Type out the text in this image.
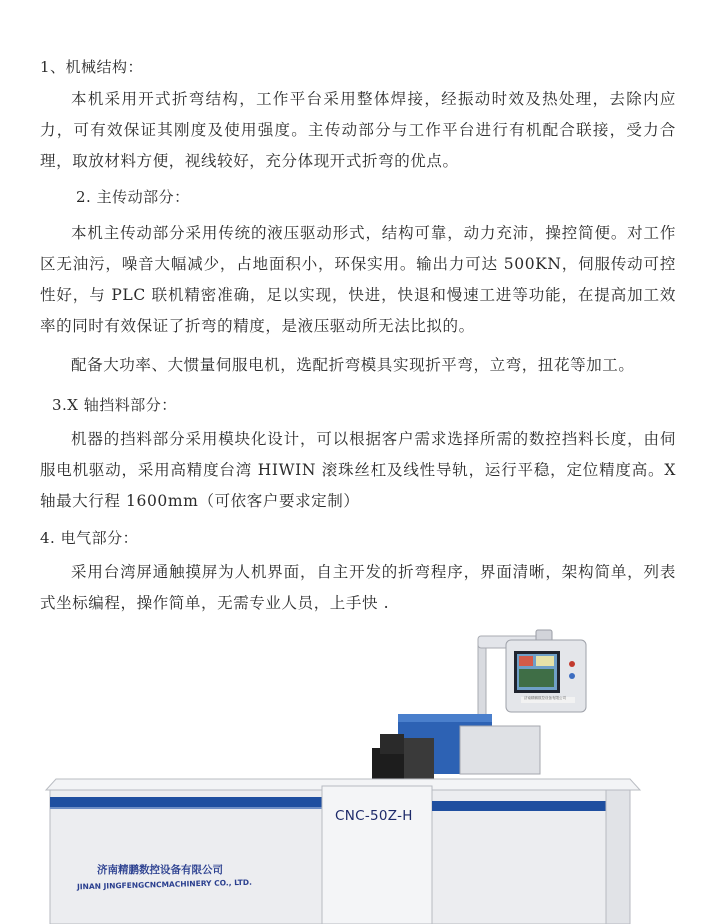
1、机械结构：

本机采用开式折弯结构，工作平台采用整体焊接，经振动时效及热处理，去除内应力，可有效保证其刚度及使用强度。主传动部分与工作平台进行有机配合联接，受力合理，取放材料方便，视线较好，充分体现开式折弯的优点。

2. 主传动部分：

本机主传动部分采用传统的液压驱动形式，结构可靠，动力充沛，操控简便。对工作区无油污，噪音大幅减少，占地面积小，环保实用。输出力可达 500KN，伺服传动可控性好，与 PLC 联机精密准确，足以实现，快进，快退和慢速工进等功能，在提高加工效率的同时有效保证了折弯的精度，是液压驱动所无法比拟的。

配备大功率、大惯量伺服电机，选配折弯模具实现折平弯，立弯，扭花等加工。

3.X 轴挡料部分：

机器的挡料部分采用模块化设计，可以根据客户需求选择所需的数控挡料长度，由伺服电机驱动，采用高精度台湾 HIWIN 滚珠丝杠及线性导轨，运行平稳，定位精度高。X 轴最大行程 1600mm（可依客户要求定制）

4. 电气部分：

采用台湾屏通触摸屏为人机界面，自主开发的折弯程序，界面清晰，架构简单，列表式坐标编程，操作简单，无需专业人员，上手快 .

济南精鹏数控设备有限公司
CNC-50Z-H
济南精鹏数控设备有限公司
JINAN JINGFENGCNCMACHINERY CO., LTD.
